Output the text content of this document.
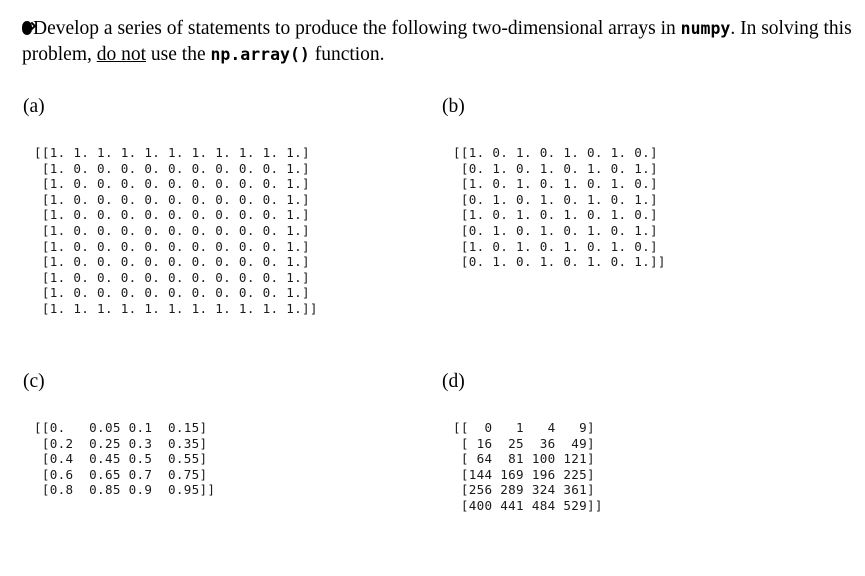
Develop a series of statements to produce the following two-dimensional arrays in numpy. In solving this problem, do not use the np.array() function.
(a)
[[1. 1. 1. 1. 1. 1. 1. 1. 1. 1. 1.]
[1. 0. 0. 0. 0. 0. 0. 0. 0. 0. 1.]
[1. 0. 0. 0. 0. 0. 0. 0. 0. 0. 1.]
[1. 0. 0. 0. 0. 0. 0. 0. 0. 0. 1.]
[1. 0. 0. 0. 0. 0. 0. 0. 0. 0. 1.]
[1. 0. 0. 0. 0. 0. 0. 0. 0. 0. 1.]
[1. 0. 0. 0. 0. 0. 0. 0. 0. 0. 1.]
[1. 0. 0. 0. 0. 0. 0. 0. 0. 0. 1.]
[1. 0. 0. 0. 0. 0. 0. 0. 0. 0. 1.]
[1. 0. 0. 0. 0. 0. 0. 0. 0. 0. 1.]
[1. 1. 1. 1. 1. 1. 1. 1. 1. 1. 1.]]
(b)
[[1. 0. 1. 0. 1. 0. 1. 0.]
[0. 1. 0. 1. 0. 1. 0. 1.]
[1. 0. 1. 0. 1. 0. 1. 0.]
[0. 1. 0. 1. 0. 1. 0. 1.]
[1. 0. 1. 0. 1. 0. 1. 0.]
[0. 1. 0. 1. 0. 1. 0. 1.]
[1. 0. 1. 0. 1. 0. 1. 0.]
[0. 1. 0. 1. 0. 1. 0. 1.]]
(c)
[[0.   0.05 0.1  0.15]
[0.2  0.25 0.3  0.35]
[0.4  0.45 0.5  0.55]
[0.6  0.65 0.7  0.75]
[0.8  0.85 0.9  0.95]]
(d)
[[  0   1   4   9]
[ 16  25  36  49]
[ 64  81 100 121]
[144 169 196 225]
[256 289 324 361]
[400 441 484 529]]
